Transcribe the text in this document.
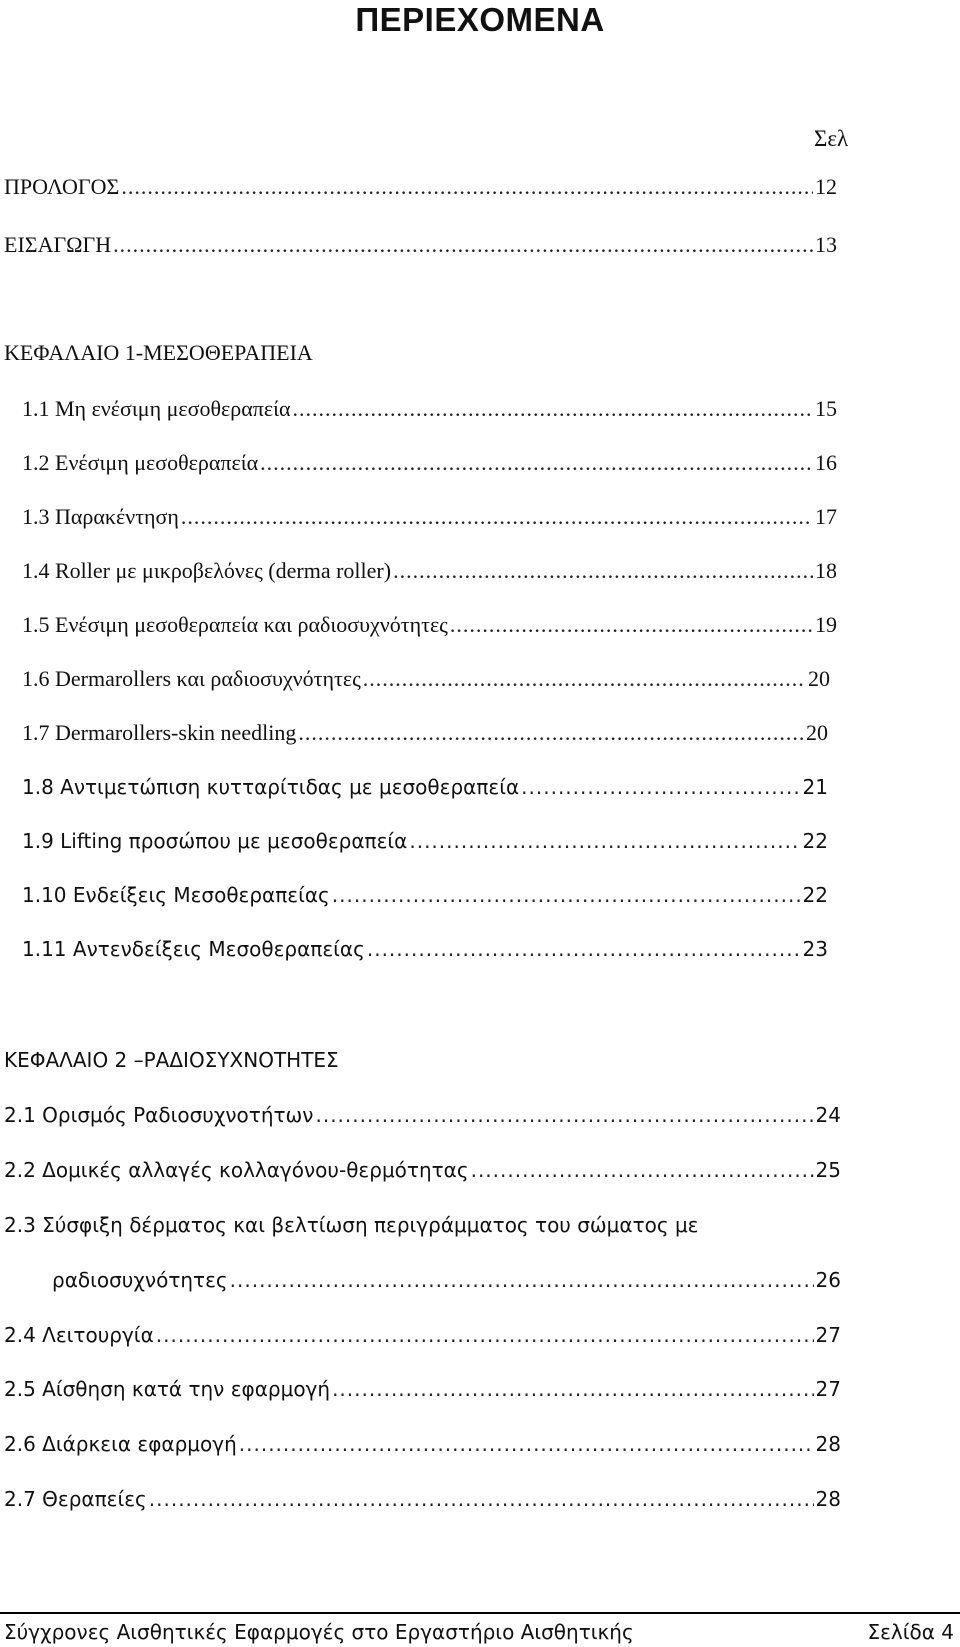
ΠΕΡΙΕΧΟΜΕΝΑ
Σελ
ΠΡΟΛΟΓΟΣ .....	12
ΕΙΣΑΓΩΓΗ .....	13
ΚΕΦΑΛΑΙΟ 1-ΜΕΣΟΘΕΡΑΠΕΙΑ
1.1 Μη ενέσιμη μεσοθεραπεία .....	15
1.2 Ενέσιμη μεσοθεραπεία .....	16
1.3 Παρακέντηση .....	17
1.4 Roller με μικροβελόνες (derma roller) .....	18
1.5 Ενέσιμη μεσοθεραπεία και ραδιοσυχνότητες .....	19
1.6 Dermarollers και ραδιοσυχνότητες .....	20
1.7 Dermarollers-skin needling .....	20
1.8 Αντιμετώπιση κυτταρίτιδας με μεσοθεραπεία .....	21
1.9 Lifting προσώπου με μεσοθεραπεία .....	22
1.10 Ενδείξεις Μεσοθεραπείας .....	22
1.11 Αντενδείξεις Μεσοθεραπείας .....	23
ΚΕΦΑΛΑΙΟ 2 –ΡΑΔΙΟΣΥΧΝΟΤΗΤΕΣ
2.1 Ορισμός Ραδιοσυχνοτήτων .....	24
2.2 Δομικές αλλαγές κολλαγόνου-θερμότητας .....	25
2.3 Σύσφιξη δέρματος και βελτίωση περιγράμματος του σώματος με
ραδιοσυχνότητες .....	26
2.4 Λειτουργία .....	27
2.5 Αίσθηση κατά την εφαρμογή .....	27
2.6 Διάρκεια εφαρμογή .....	28
2.7 Θεραπείες .....	28
Σύγχρονες Αισθητικές Εφαρμογές στο Εργαστήριο Αισθητικής	Σελίδα 4
